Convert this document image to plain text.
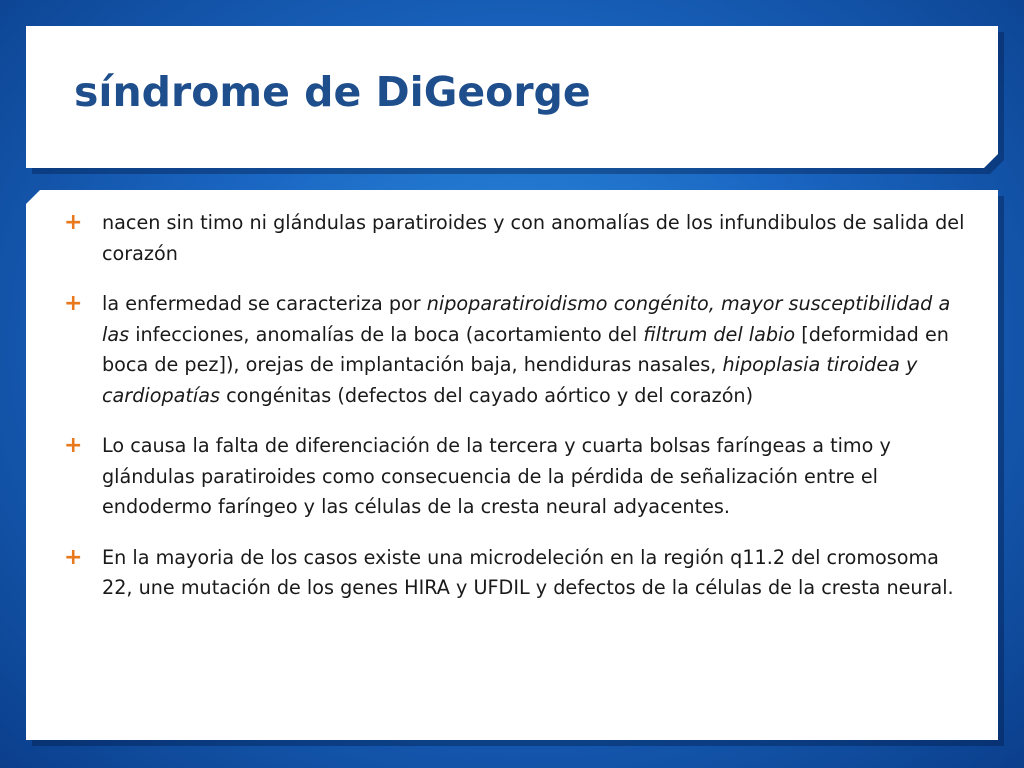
síndrome de DiGeorge
+ nacen sin timo ni glándulas paratiroides y con anomalías de los infundibulos de salida del corazón
+ la enfermedad se caracteriza por nipoparatiroidismo congénito, mayor susceptibilidad a las infecciones, anomalías de la boca (acortamiento del filtrum del labio [deformidad en boca de pez]), orejas de implantación baja, hendiduras nasales, hipoplasia tiroidea y cardiopatías congénitas (defectos del cayado aórtico y del corazón)
+ Lo causa la falta de diferenciación de la tercera y cuarta bolsas faríngeas a timo y glándulas paratiroides como consecuencia de la pérdida de señalización entre el endodermo faríngeo y las células de la cresta neural adyacentes.
+ En la mayoria de los casos existe una microdeleción en la región q11.2 del cromosoma 22, une mutación de los genes HIRA y UFDIL y defectos de la células de la cresta neural.
